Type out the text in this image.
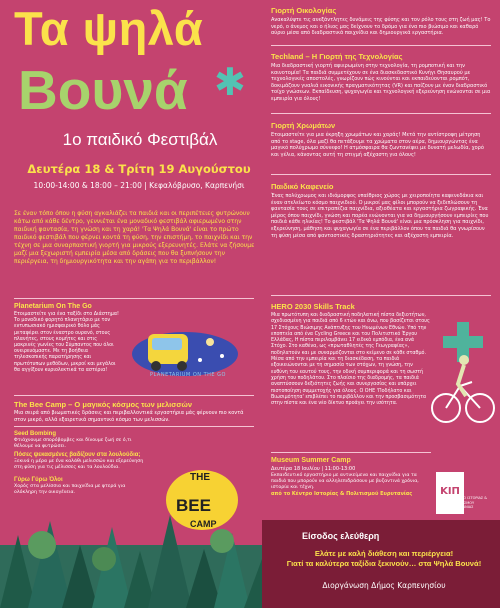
Τα ψηλά
Βουνά ✱
1ο παιδικό Φεστιβάλ
Δευτέρα 18 & Τρίτη 19 Αυγούστου
10:00-14:00 & 18:00 – 21:00 | Κεφαλόβρυσο, Καρπενήσι
Σε έναν τόπο όπου η φύση αγκαλιάζει τα παιδιά και οι περιπέτειες φυτρώνουν κάτω από κάθε δέντρο, γεννιέται ένα μοναδικό φεστιβάλ αφιερωμένο στην παιδική φαντασία, τη γνώση και τη χαρά! 'Τα Ψηλά Βουνά' είναι το πρώτο παιδικό φεστιβάλ που φέρνει κοντά τη φύση, την επιστήμη, το παιχνίδι και την τέχνη σε μια συναρπαστική γιορτή για μικρούς εξερευνητές. Ελάτε να ζήσουμε μαζί μια ξεχωριστή εμπειρία μέσα από δράσεις που θα ξυπνήσουν την περιέργεια, τη δημιουργικότητα και την αγάπη για το περιβάλλον!
Γιορτή Οικολογίας
Ανακαλύψτε τις ανεξάντλητες δυνάμεις της φύσης και τον ρόλο τους στη ζωή μας! Το νερό, ο άνεμος και ο ήλιος μας δείχνουν το δρόμο για ένα πιο βιώσιμο και καθαρό αύριο μέσα από διαδραστικά παιχνίδια και δημιουργικά εργαστήρια.
Techland – Η Γιορτή της Τεχνολογίας
Μια διαδραστική γιορτή αφιερωμένη στην τεχνολογία, τη ρομποτική και την καινοτομία! Τα παιδιά συμμετέχουν σε ένα διασκεδαστικό Κυνήγι Θησαυρού με τεχνολογικές αποστολές, γνωρίζουν πώς κινούνται και εκπαιδεύονται ρομπότ, δοκιμάζουν γυαλιά εικονικής πραγματικότητας (VR) και παίζουν με έναν διαδραστικό τοίχο γνώσεων. Εκπαίδευση, ψυχαγωγία και τεχνολογική εξερεύνηση ενώνονται σε μια εμπειρία για όλους!
Γιορτή Χρωμάτων
Ετοιμαστείτε για μια έκρηξη χρωμάτων και χαράς! Μετά την αντίστροφη μέτρηση από το stage, όλα μαζί θα πετάξουμε τα χρώματα στον αέρα, δημιουργώντας ένα μαγικό πολύχρωμο σύννεφο! Η ατμόσφαιρα θα ζωντανέψει με δυνατή μελωδία, χορό και γέλια, κάνοντας αυτή τη στιγμή αξέχαστη για όλους!
Παιδικό Καφενείο
Ένας πολύχρωμος και ιδιόμορφος υπαίθριος χώρος με χειροποίητα καφενεδάκια και έναν ατελείωτο κόσμο παιχνιδιού. Ο μικροί μας φίλοι μπορούν να ξεδιπλώσουν τη φαντασία τους σε επιτραπέζια παιχνίδια, αξιοθέατα και εργαστήρια ζωγραφικής. Ένα μέρος όπου παιχνίδι, γνώση και παρέα ενώνονται για να δημιουργήσουν εμπειρίες που παιδιά κάθε ηλικίας! Το φεστιβάλ 'Τα Ψηλά Βουνά' είναι μια πρόσκληση για παιχνίδι, εξερεύνηση, μάθηση και ψυχαγωγία σε ένα περιβάλλον όπου τα παιδιά θα γνωρίσουν τη φύση μέσα από φανταστικές δραστηριότητες και αξέχαστη εμπειρία.
HERO 2030 Skills Track
Μια πρωτότυπη και διαδραστική ποδηλατική πίστα δεξιοτήτων, σχεδιασμένη για παιδιά από 6 ετών και άνω, που βασίζεται στους 17 Στόχους Βιώσιμης Ανάπτυξης του Ηνωμένων Εθνών. Υπό την εποπτεία από ένα Cycling Greece και του Πολιτιστικό Έργου Ελλάδας, Η πίστα περιλαμβάνει 17 ειδικά εμπόδια, ένα ανά Στόχο. Στο καθένα, ως «πρωταθλητές της Γεωγραφίας», ποδηλατούν και με συναρμόζονται στο κείμενο σε κάθε σταθμό. Μέσα από την εμπειρία και τη διασκέδαση, τα παιδιά εξοικειώνονται με τη σημασία των στόχων, τη γνώση, την ευθύνη του εαυτού τους, την οδική συμπεριφορά και τη σωστή χρήση του ποδηλάτου. Στο πλαίσιο της διαδρομής, τα παιδιά αναπτύσσουν δεξιότητες ζωής και συνεργασίας και υπάρχει πιστοποίηση συμμετοχής για όλους. Ο ΟΗΕ 'Ποδήλατο και Βιωσιμότητα' επιβλέπει το περιβάλλον και την προσβασιμότητα στην πίστα και ένα νέο δίκτυο προάγει την ισότητα.
Planetarium On The Go
Ετοιμαστείτε για ένα ταξίδι στο Διάστημα! Το μοναδικό φορητό πλανητάριο με τον εντυπωσιακό ημισφαιρικό θόλο μάς μεταφέρει στον έναστρο ουρανό, στους πλανήτες, στους κομήτες και στις μακρινές γωνίες του Σύμπαντος που όλοι ονειρευόμαστε. Με τη βοήθεια τηλεσκοπικής παρατήρησης και πρωτότυπων μεθόδων, μικροί και μεγάλοι θα αγγίξουν κυριολεκτικά τα αστέρια!
PLANETARIUM ON THE GO
The Bee Camp – Ο μαγικός κόσμος των μελισσών
Μια σειρά από βιωματικές δράσεις και περιβαλλοντικά εργαστήρια μάς φέρνουν πιο κοντά στον μικρό, αλλά εξαιρετικά σημαντικό κόσμο των μελισσών.
Seed Bombing
Φτιάχνουμε σπορόβομβες και δίνουμε ζωή σε ό,τι θέλουμε να φυτρώσει.
Πόσες ψεκασμένες βαδίζουν στα λουλούδια;
Ξεκινά η μέρα με ένα καλάθι μελισσών και εξερεύνηση στη φύση για τις μέλισσες και τα λουλούδια.
Γύρω Γύρω Όλοι
Χορός στα μελίσσια και παιχνίδια με φτερά για ολόκληρη την οικογένεια.
THE
BEE
CAMP
Museum Summer Camp
Δευτέρα 18 Ιουλίου | 11:00-13:00
Εκπαιδευτικό εργαστήριο με αντικείμενα και παιχνίδια για τα παιδιά που μπορούν να αλληλεπιδράσουν με βυζαντινά χρόνια, ιστορία και τέχνη.
από το Κέντρο Ιστορίας & Πολιτισμού Ευρυτανίας	ΚΙΠ
ΚΕΝΤΡΟ ΙΣΤΟΡΙΑΣ & ΠΟΛΙΤΙΣΜΟΥ ΕΥΡΥΤΑΝΙΑΣ
Είσοδος ελεύθερη
Ελάτε με καλή διάθεση και περιέργεια!
Γιατί τα καλύτερα ταξίδια ξεκινούν… στα Ψηλά Βουνά!
Διοργάνωση Δήμος Καρπενησίου
